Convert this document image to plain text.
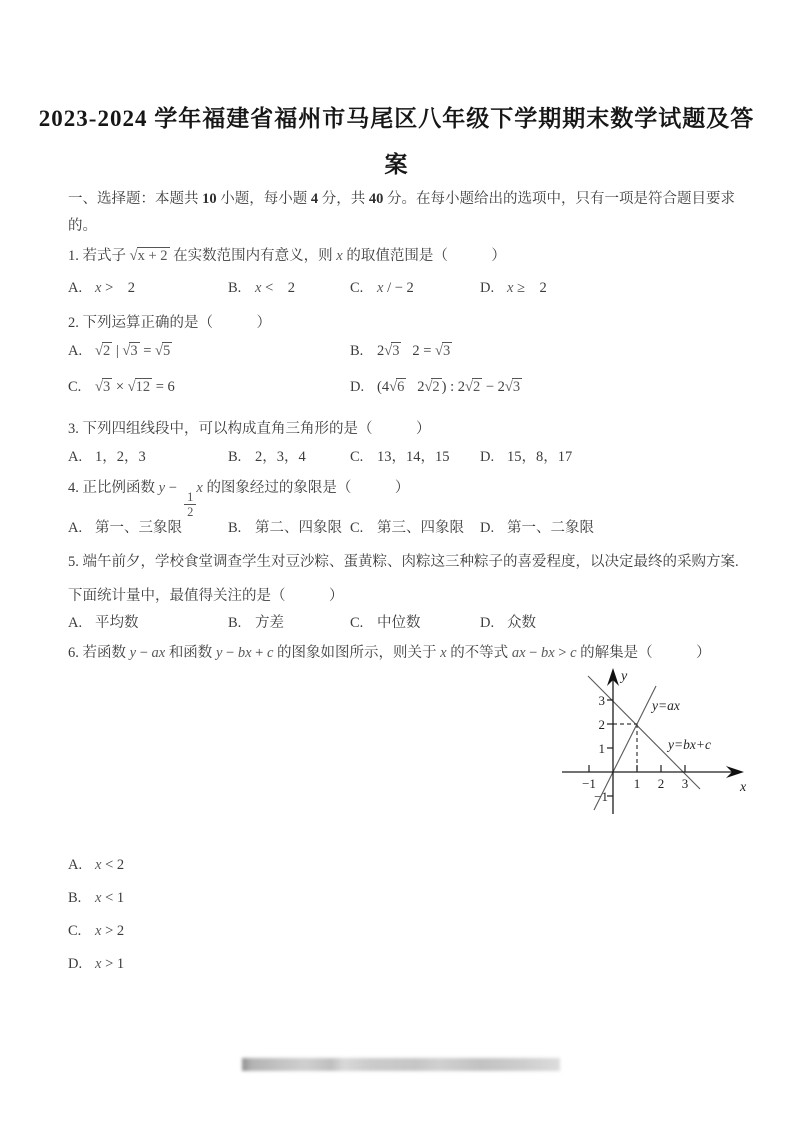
2023-2024 学年福建省福州市马尾区八年级下学期期末数学试题及答
案
一、选择题：本题共 10 小题，每小题 4 分，共 40 分。在每小题给出的选项中，只有一项是符合题目要求
的。
1. 若式子 √x + 2 在实数范围内有意义，则 x 的取值范围是（            ）
A. x >    2	B. x <    2	C. x / − 2	D. x ≥    2
2. 下列运算正确的是（            ）
A. √2 | √3 = √5	B. 2√3   2 = √3
C. √3 × √12 = 6	D. (4√6   2√2 ) : 2√2 − 2√3
3. 下列四组线段中，可以构成直角三角形的是（            ）
A. 1，2，3	B. 2，3，4	C. 13，14，15	D. 15，8，17
4. 正比例函数 y −
$\frac{1}{2}$
x 的图象经过的象限是（            ）
A. 第一、三象限	B. 第二、四象限 C. 第三、四象限	D. 第一、二象限
5. 端午前夕，学校食堂调查学生对豆沙粽、蛋黄粽、肉粽这三种粽子的喜爱程度，以决定最终的采购方案.
下面统计量中，最值得关注的是（            ）
A. 平均数	B. 方差	C. 中位数	D. 众数
6. 若函数 y − ax 和函数 y − bx + c 的图象如图所示，则关于 x 的不等式 ax − bx > c 的解集是（            ）
3
2
1
−1
−1	1 2 3
y
x
y=ax
y=bx+c
A. x < 2
B. x < 1
C. x > 2
D. x > 1
